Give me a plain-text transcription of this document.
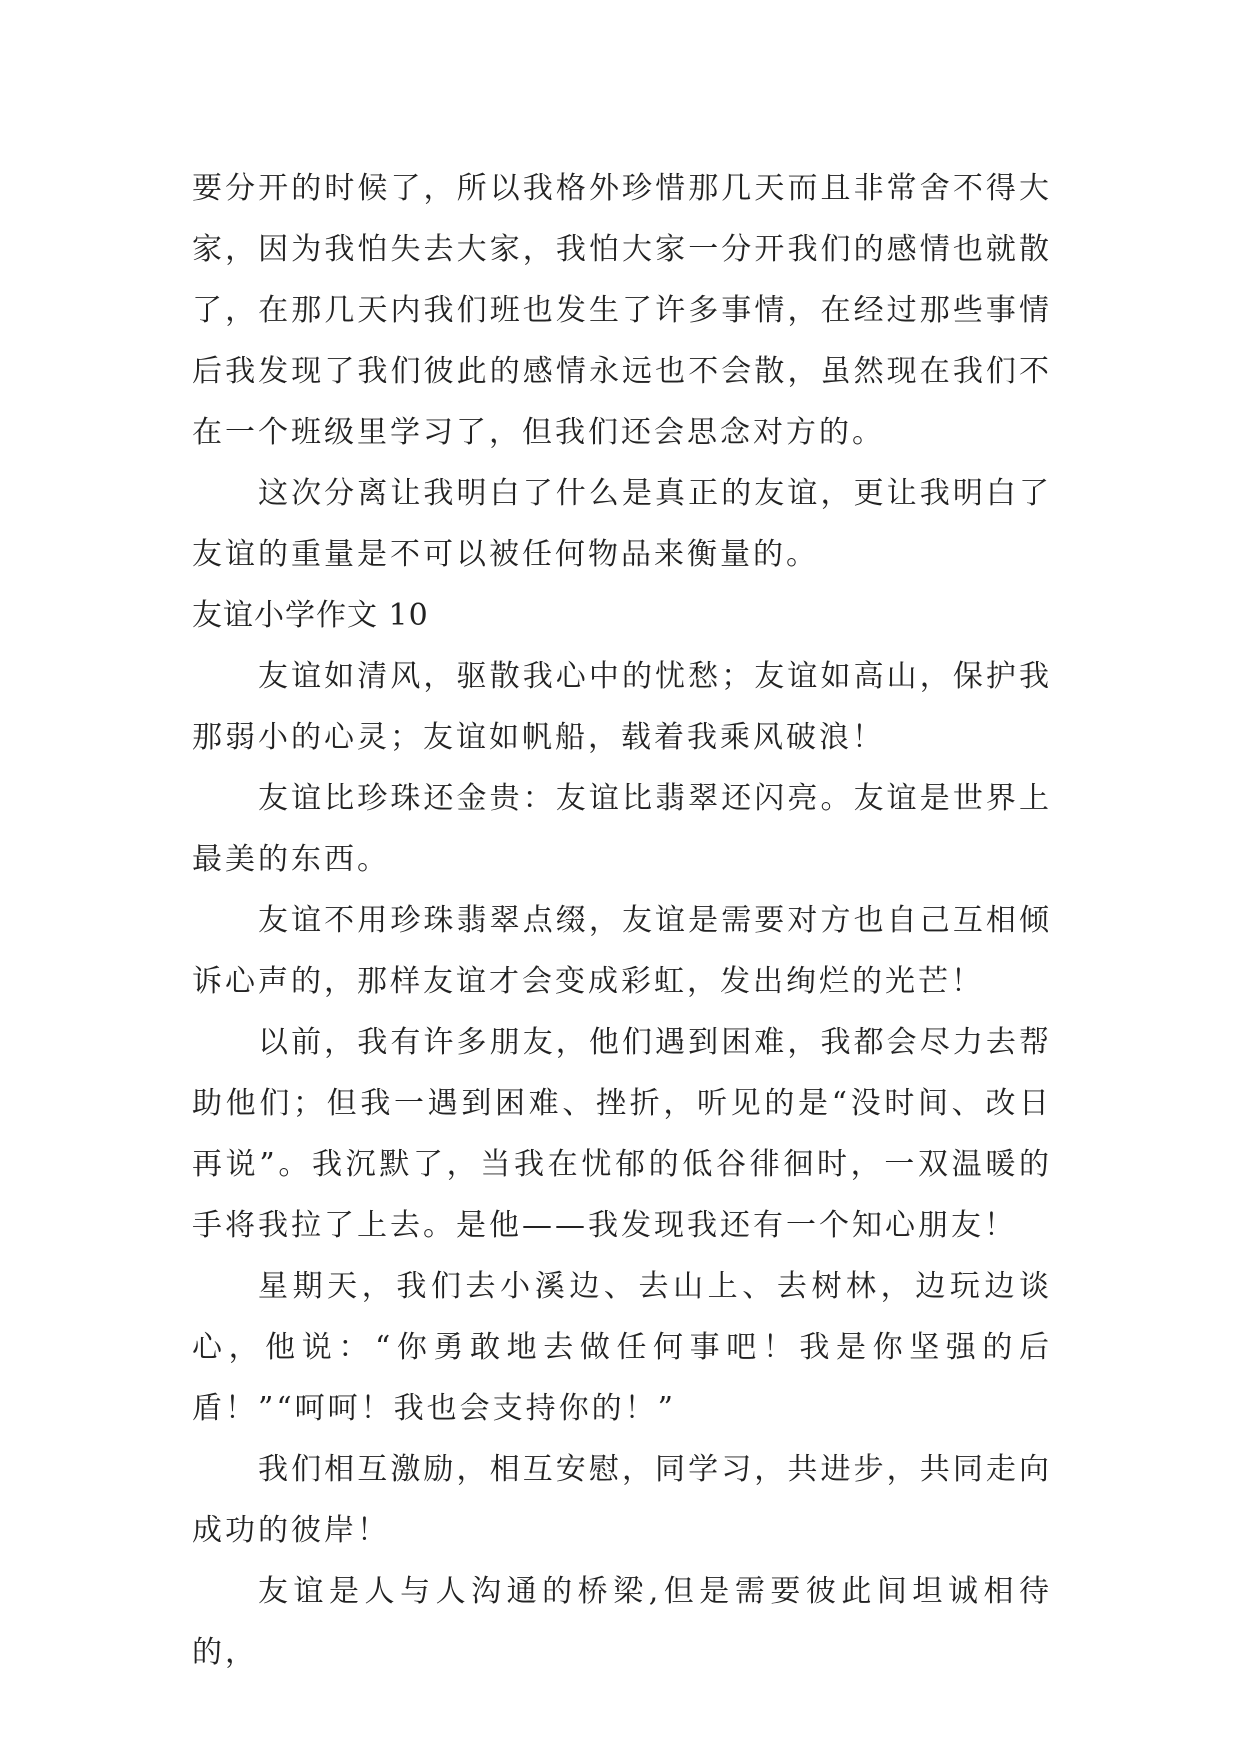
要分开的时候了，所以我格外珍惜那几天而且非常舍不得大家，因为我怕失去大家，我怕大家一分开我们的感情也就散了，在那几天内我们班也发生了许多事情，在经过那些事情后我发现了我们彼此的感情永远也不会散，虽然现在我们不在一个班级里学习了，但我们还会思念对方的。

这次分离让我明白了什么是真正的友谊，更让我明白了友谊的重量是不可以被任何物品来衡量的。

友谊小学作文 10

友谊如清风，驱散我心中的忧愁；友谊如高山，保护我那弱小的心灵；友谊如帆船，载着我乘风破浪！

友谊比珍珠还金贵：友谊比翡翠还闪亮。友谊是世界上最美的东西。

友谊不用珍珠翡翠点缀，友谊是需要对方也自己互相倾诉心声的，那样友谊才会变成彩虹，发出绚烂的光芒！

以前，我有许多朋友，他们遇到困难，我都会尽力去帮助他们；但我一遇到困难、挫折，听见的是“没时间、改日再说”。我沉默了，当我在忧郁的低谷徘徊时，一双温暖的手将我拉了上去。是他——我发现我还有一个知心朋友！

星期天，我们去小溪边、去山上、去树林，边玩边谈心，他说：“你勇敢地去做任何事吧！我是你坚强的后盾！”“呵呵！我也会支持你的！”

我们相互激励，相互安慰，同学习，共进步，共同走向成功的彼岸！

友谊是人与人沟通的桥梁,但是需要彼此间坦诚相待的，
